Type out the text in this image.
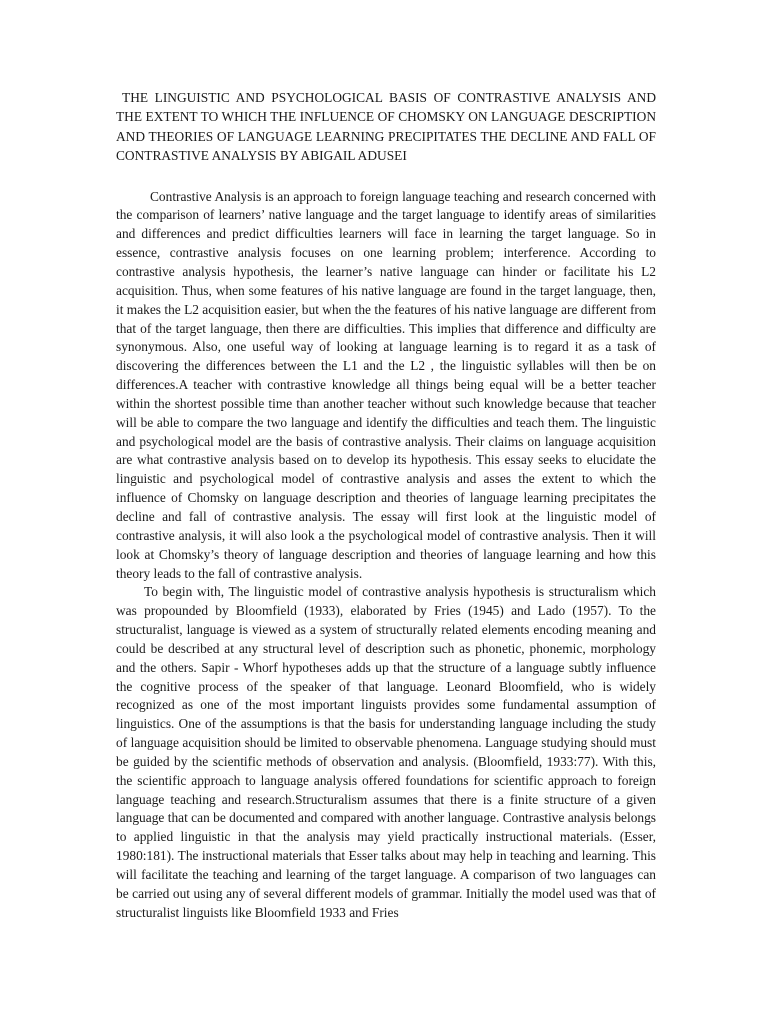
THE LINGUISTIC AND PSYCHOLOGICAL BASIS OF CONTRASTIVE ANALYSIS AND THE EXTENT TO WHICH THE INFLUENCE OF CHOMSKY ON LANGUAGE DESCRIPTION AND THEORIES OF LANGUAGE LEARNING PRECIPITATES THE DECLINE AND FALL OF CONTRASTIVE ANALYSIS BY ABIGAIL ADUSEI

Contrastive Analysis is an approach to foreign language teaching and research concerned with the comparison of learners’ native language and the target language to identify areas of similarities and differences and predict difficulties learners will face in learning the target language. So in essence, contrastive analysis focuses on one learning problem; interference. According to contrastive analysis hypothesis, the learner’s native language can hinder or facilitate his L2 acquisition. Thus, when some features of his native language are found in the target language, then, it makes the L2 acquisition easier, but when the the features of his native language are different from that of the target language, then there are difficulties. This implies that difference and difficulty are synonymous. Also, one useful way of looking at language learning is to regard it as a task of discovering the differences between the L1 and the L2 , the linguistic syllables will then be on differences.A teacher with contrastive knowledge all things being equal will be a better teacher within the shortest possible time than another teacher without such knowledge because that teacher will be able to compare the two language and identify the difficulties and teach them. The linguistic and psychological model are the basis of contrastive analysis. Their claims on language acquisition are what contrastive analysis based on to develop its hypothesis. This essay seeks to elucidate the linguistic and psychological model of contrastive analysis and asses the extent to which the influence of Chomsky on language description and theories of language learning precipitates the decline and fall of contrastive analysis. The essay will first look at the linguistic model of contrastive analysis, it will also look a the psychological model of contrastive analysis. Then it will look at Chomsky’s theory of language description and theories of language learning and how this theory leads to the fall of contrastive analysis.

To begin with, The linguistic model of contrastive analysis hypothesis is structuralism which was propounded by Bloomfield (1933), elaborated by Fries (1945) and Lado (1957). To the structuralist, language is viewed as a system of structurally related elements encoding meaning and could be described at any structural level of description such as phonetic, phonemic, morphology and the others. Sapir - Whorf hypotheses adds up that the structure of a language subtly influence the cognitive process of the speaker of that language. Leonard Bloomfield, who is widely recognized as one of the most important linguists provides some fundamental assumption of linguistics. One of the assumptions is that the basis for understanding language including the study of language acquisition should be limited to observable phenomena. Language studying should must be guided by the scientific methods of observation and analysis. (Bloomfield, 1933:77). With this, the scientific approach to language analysis offered foundations for scientific approach to foreign language teaching and research.Structuralism assumes that there is a finite structure of a given language that can be documented and compared with another language. Contrastive analysis belongs to applied linguistic in that the analysis may yield practically instructional materials. (Esser, 1980:181). The instructional materials that Esser talks about may help in teaching and learning. This will facilitate the teaching and learning of the target language. A comparison of two languages can be carried out using any of several different models of grammar. Initially the model used was that of structuralist linguists like Bloomfield 1933 and Fries
